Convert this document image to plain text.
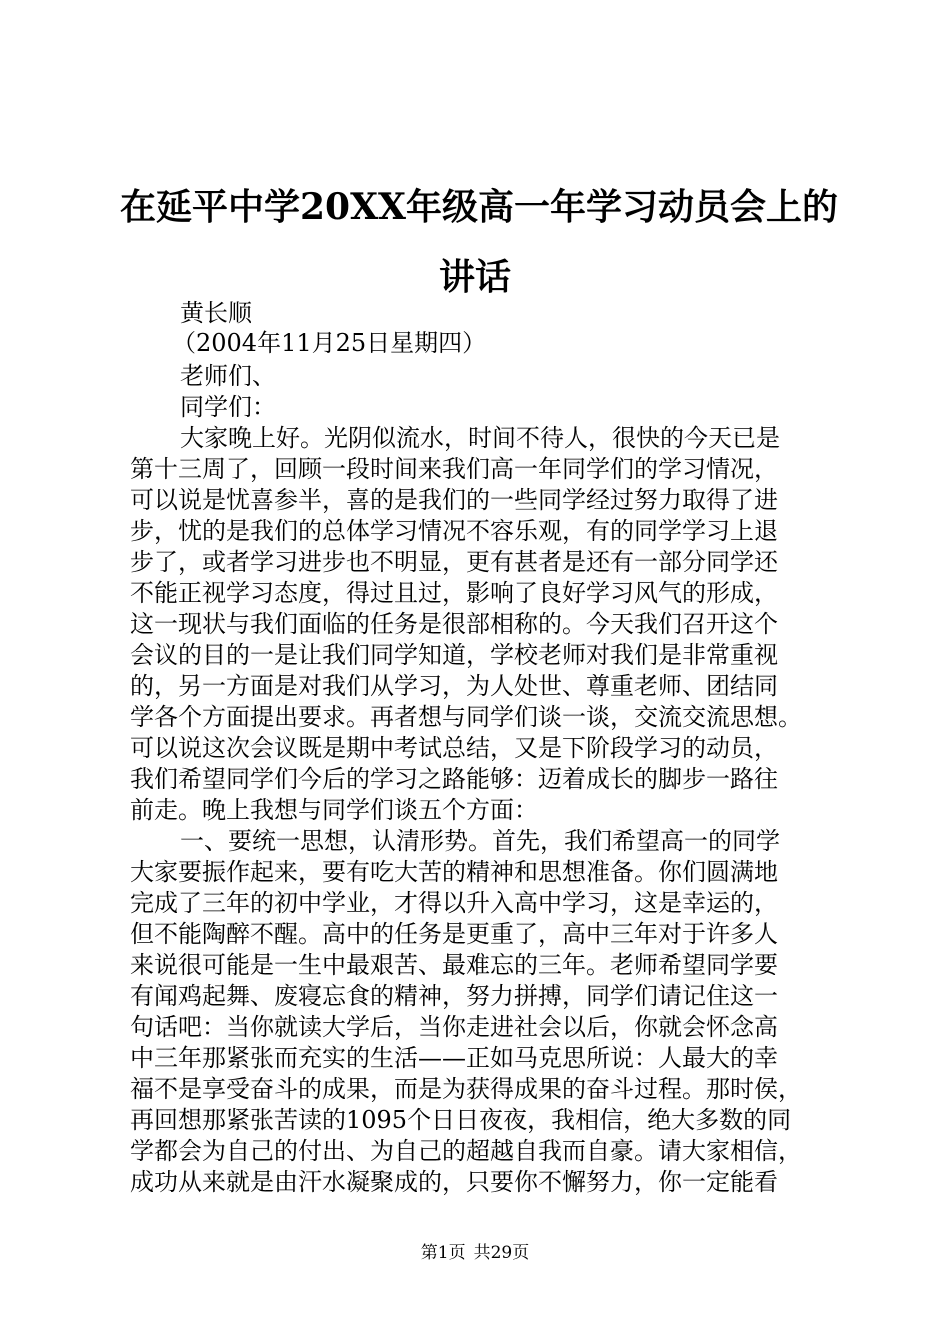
在延平中学20XX年级高一年学习动员会上的
讲话
黄长顺
（2004年11月25日星期四）
老师们、
同学们：
大家晚上好。光阴似流水，时间不待人，很快的今天已是
第十三周了，回顾一段时间来我们高一年同学们的学习情况，
可以说是忧喜参半，喜的是我们的一些同学经过努力取得了进
步，忧的是我们的总体学习情况不容乐观，有的同学学习上退
步了，或者学习进步也不明显，更有甚者是还有一部分同学还
不能正视学习态度，得过且过，影响了良好学习风气的形成，
这一现状与我们面临的任务是很部相称的。今天我们召开这个
会议的目的一是让我们同学知道，学校老师对我们是非常重视
的，另一方面是对我们从学习，为人处世、尊重老师、团结同
学各个方面提出要求。再者想与同学们谈一谈，交流交流思想。
可以说这次会议既是期中考试总结，又是下阶段学习的动员，
我们希望同学们今后的学习之路能够：迈着成长的脚步一路往
前走。晚上我想与同学们谈五个方面：
一、要统一思想，认清形势。首先，我们希望高一的同学
大家要振作起来，要有吃大苦的精神和思想准备。你们圆满地
完成了三年的初中学业，才得以升入高中学习，这是幸运的，
但不能陶醉不醒。高中的任务是更重了，高中三年对于许多人
来说很可能是一生中最艰苦、最难忘的三年。老师希望同学要
有闻鸡起舞、废寝忘食的精神，努力拼搏，同学们请记住这一
句话吧：当你就读大学后，当你走进社会以后，你就会怀念高
中三年那紧张而充实的生活——正如马克思所说：人最大的幸
福不是享受奋斗的成果，而是为获得成果的奋斗过程。那时侯，
再回想那紧张苦读的1095个日日夜夜，我相信，绝大多数的同
学都会为自己的付出、为自己的超越自我而自豪。请大家相信，
成功从来就是由汗水凝聚成的，只要你不懈努力，你一定能看
第1页 共29页
